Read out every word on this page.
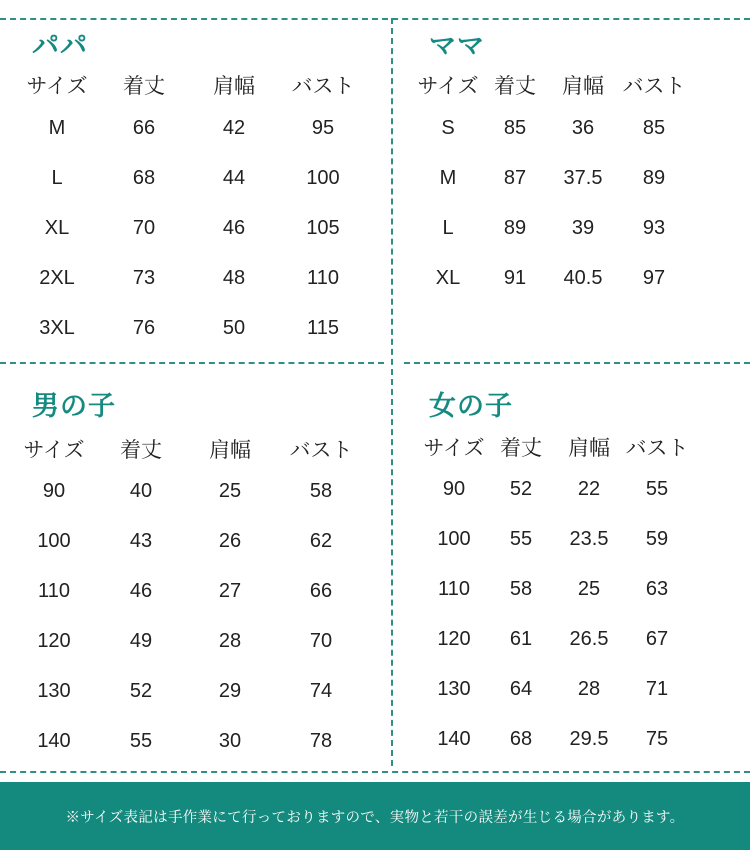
パパ
サイズ 着丈 肩幅 バスト
M	66	42	95
L	68	44	100
XL	70	46	105
2XL	73	48	110
3XL	76	50	115
ママ
サイズ 着丈 肩幅 バスト
S 85 36 85
M 87 37.5 89
L	89 39 93
XL 91 40.5 97
男の子
サイズ 着丈 肩幅 バスト
90	40	25	58
100	43	26	62
110	46	27	66
120	49	28	70
130	52	29	74
140	55	30	78
女の子
サイズ 着丈 肩幅 バスト
90 52 22 55
100 55 23.5 59
110 58 25 63
120 61 26.5 67
130 64 28 71
140 68 29.5 75
※サイズ表記は手作業にて行っておりますので、実物と若干の誤差が生じる場合があります。
